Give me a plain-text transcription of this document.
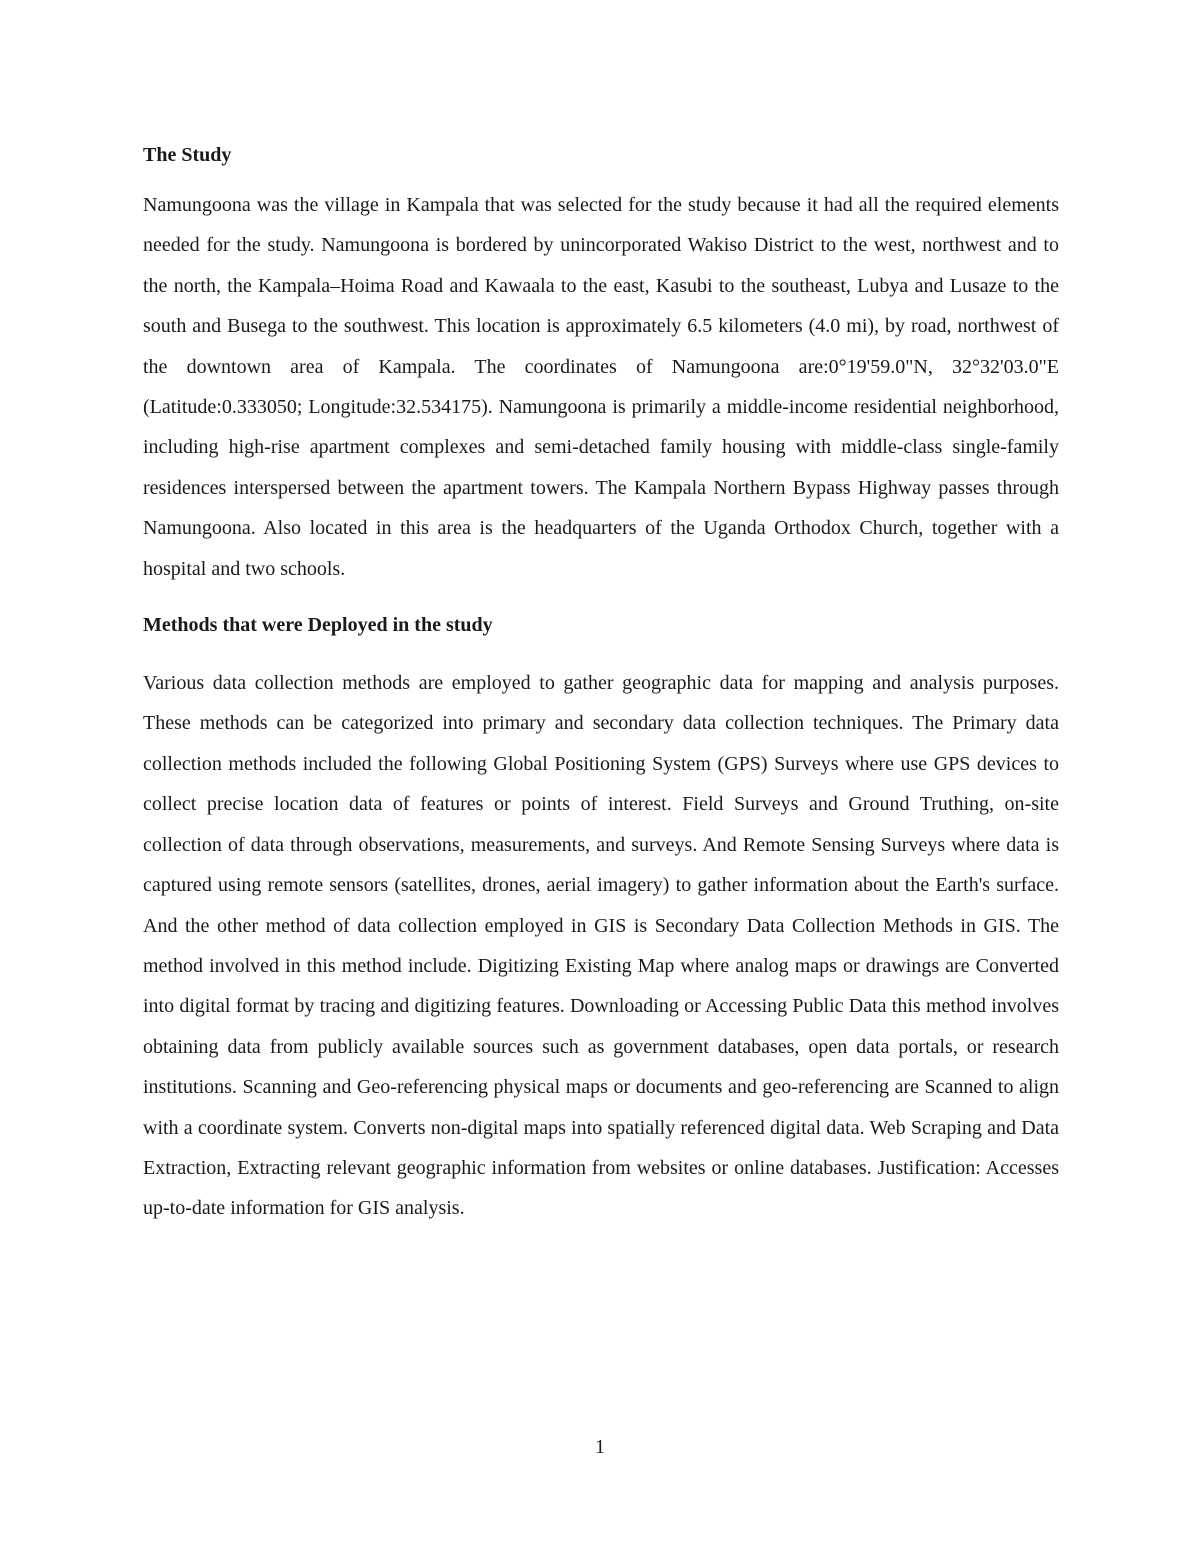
The Study

Namungoona was the village in Kampala that was selected for the study because it had all the required elements needed for the study. Namungoona is bordered by unincorporated Wakiso District to the west, northwest and to the north, the Kampala–Hoima Road and Kawaala to the east, Kasubi to the southeast, Lubya and Lusaze to the south and Busega to the southwest. This location is approximately 6.5 kilometers (4.0 mi), by road, northwest of the downtown area of Kampala. The coordinates of Namungoona are:0°19'59.0"N, 32°32'03.0"E (Latitude:0.333050; Longitude:32.534175). Namungoona is primarily a middle-income residential neighborhood, including high-rise apartment complexes and semi-detached family housing with middle-class single-family residences interspersed between the apartment towers. The Kampala Northern Bypass Highway passes through Namungoona. Also located in this area is the headquarters of the Uganda Orthodox Church, together with a hospital and two schools.

Methods that were Deployed in the study

Various data collection methods are employed to gather geographic data for mapping and analysis purposes. These methods can be categorized into primary and secondary data collection techniques. The Primary data collection methods included the following Global Positioning System (GPS) Surveys where use GPS devices to collect precise location data of features or points of interest. Field Surveys and Ground Truthing, on-site collection of data through observations, measurements, and surveys. And Remote Sensing Surveys where data is captured using remote sensors (satellites, drones, aerial imagery) to gather information about the Earth's surface. And the other method of data collection employed in GIS is Secondary Data Collection Methods in GIS. The method involved in this method include. Digitizing Existing Map where analog maps or drawings are Converted into digital format by tracing and digitizing features. Downloading or Accessing Public Data this method involves obtaining data from publicly available sources such as government databases, open data portals, or research institutions. Scanning and Geo-referencing physical maps or documents and geo-referencing are Scanned to align with a coordinate system. Converts non-digital maps into spatially referenced digital data. Web Scraping and Data Extraction, Extracting relevant geographic information from websites or online databases. Justification: Accesses up-to-date information for GIS analysis.

1
